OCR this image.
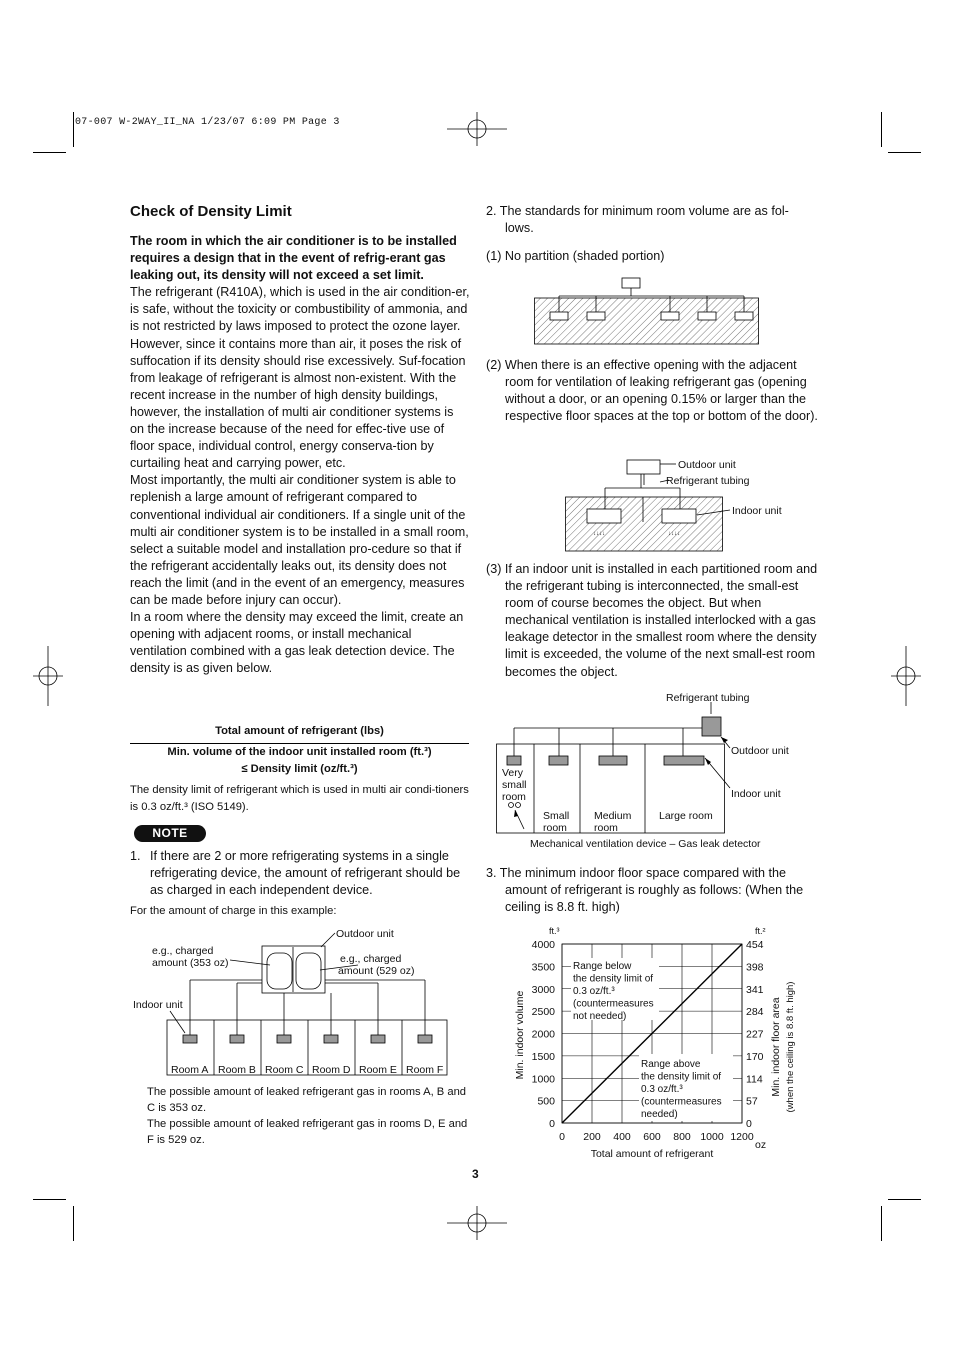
07-007 W-2WAY_II_NA 1/23/07 6:09 PM Page 3
Check of Density Limit

The room in which the air conditioner is to be installed requires a design that in the event of refrig-erant gas leaking out, its density will not exceed a set limit.

The refrigerant (R410A), which is used in the air condition-er, is safe, without the toxicity or combustibility of ammonia, and is not restricted by laws imposed to protect the ozone layer. However, since it contains more than air, it poses the risk of suffocation if its density should rise excessively. Suf-focation from leakage of refrigerant is almost non-existent. With the recent increase in the number of high density buildings, however, the installation of multi air conditioner systems is on the increase because of the need for effec-tive use of floor space, individual control, energy conserva-tion by curtailing heat and carrying power, etc.

Most importantly, the multi air conditioner system is able to replenish a large amount of refrigerant compared to conventional individual air conditioners. If a single unit of the multi air conditioner system is to be installed in a small room, select a suitable model and installation pro-cedure so that if the refrigerant accidentally leaks out, its density does not reach the limit (and in the event of an emergency, measures can be made before injury can occur).

In a room where the density may exceed the limit, create an opening with adjacent rooms, or install mechanical ventilation combined with a gas leak detection device. The density is as given below.

Total amount of refrigerant (lbs)
Min. volume of the indoor unit installed room (ft.³)
≤ Density limit (oz/ft.³)
The density limit of refrigerant which is used in multi air condi-tioners is 0.3 oz/ft.³ (ISO 5149).
NOTE

1. If there are 2 or more refrigerating systems in a single refrigerating device, the amount of refrigerant should be as charged in each independent device.

For the amount of charge in this example:
Outdoor unit
e.g., charged
amount (353 oz)	e.g., charged
amount (529 oz)
Indoor unit
Room A Room B Room C Room D Room E Room F

The possible amount of leaked refrigerant gas in rooms A, B and C is 353 oz.

The possible amount of leaked refrigerant gas in rooms D, E and F is 529 oz.

2. The standards for minimum room volume are as fol-lows.

(1) No partition (shaded portion)

(2) When there is an effective opening with the adjacent room for ventilation of leaking refrigerant gas (opening without a door, or an opening 0.15% or larger than the respective floor spaces at the top or bottom of the door).

↓↓↓↓	↓↓↓↓
Outdoor unit
Refrigerant tubing
Indoor unit

(3) If an indoor unit is installed in each partitioned room and the refrigerant tubing is interconnected, the small-est room of course becomes the object. But when mechanical ventilation is installed interlocked with a gas leakage detector in the smallest room where the density limit is exceeded, the volume of the next small-est room becomes the object.

Refrigerant tubing
Outdoor unit
Indoor unit
Very
small
room
Small
room
Medium
room
Large room
Mechanical ventilation device – Gas leak detector

3. The minimum indoor floor space compared with the amount of refrigerant is roughly as follows: (When the ceiling is 8.8 ft. high)

0 200 400 600 800 1000 1200
0
500
1000
1500
2000
2500
3000
3500
4000
0
57
114
170
227
284
341
398
454
Range below
the density limit of
0.3 oz/ft.³
(countermeasures
not needed)
Range above
the density limit of
0.3 oz/ft.³
(countermeasures
needed)
Total amount of refrigerant
oz
ft.³	ft.²
Min. indoor volume	Min. indoor floor area (when the ceiling is 8.8 ft. high)
3
